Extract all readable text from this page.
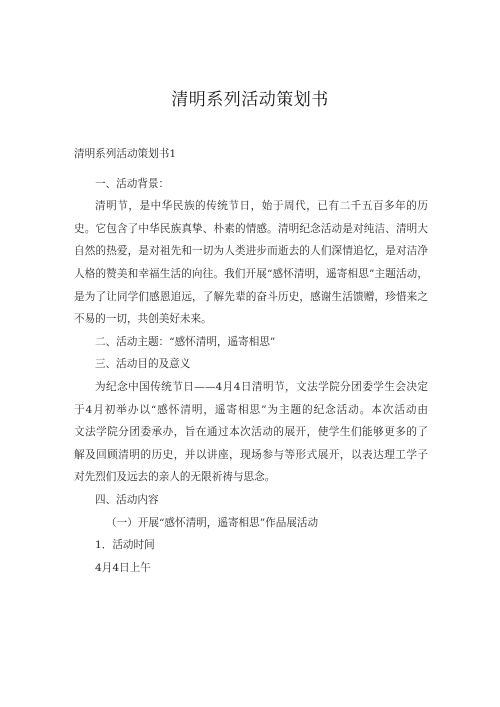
清明系列活动策划书
清明系列活动策划书1
一、活动背景：
清明节，是中华民族的传统节日，始于周代，已有二千五百多年的历
史。它包含了中华民族真挚、朴素的情感。清明纪念活动是对纯洁、清明大
自然的热爱，是对祖先和一切为人类进步而逝去的人们深情追忆，是对洁净
人格的赞美和幸福生活的向往。我们开展“感怀清明，遥寄相思”主题活动，
是为了让同学们感恩追远，了解先辈的奋斗历史，感谢生活馈赠，珍惜来之
不易的一切，共创美好未来。
二、活动主题：“感怀清明，遥寄相思”
三、活动目的及意义
为纪念中国传统节日——4月4日清明节，文法学院分团委学生会决定
于4月初举办以“感怀清明，遥寄相思”为主题的纪念活动。本次活动由
文法学院分团委承办，旨在通过本次活动的展开，使学生们能够更多的了
解及回顾清明的历史，并以讲座，现场参与等形式展开，以表达理工学子
对先烈们及远去的亲人的无限祈祷与思念。
四、活动内容
（一）开展“感怀清明，遥寄相思”作品展活动
1．活动时间
4月4日上午
